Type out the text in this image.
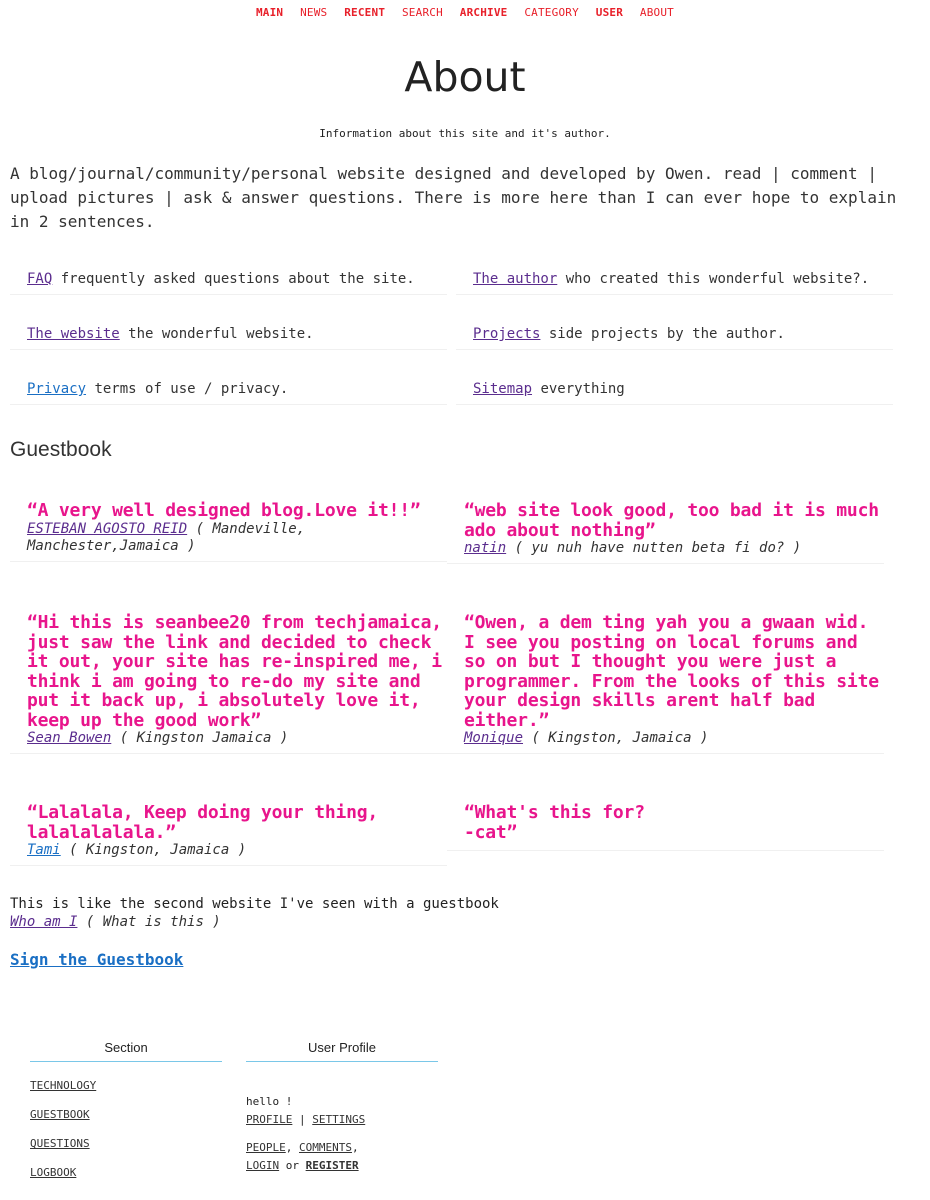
MAIN NEWS RECENT SEARCH ARCHIVE CATEGORY USER ABOUT
About
Information about this site and it's author.
A blog/journal/community/personal website designed and developed by Owen. read | comment | upload pictures | ask & answer questions. There is more here than I can ever hope to explain in 2 sentences.
FAQ frequently asked questions about the site.	The author who created this wonderful website?.
The website the wonderful website.	Projects side projects by the author.
Privacy terms of use / privacy.	Sitemap everything
Guestbook
“A very well designed blog.Love it!!”
ESTEBAN AGOSTO REID ( Mandeville, Manchester,Jamaica )
“web site look good, too bad it is much ado about nothing”
natin ( yu nuh have nutten beta fi do? )
“Hi this is seanbee20 from techjamaica, just saw the link and decided to check it out, your site has re-inspired me, i think i am going to re-do my site and put it back up, i absolutely love it, keep up the good work”
Sean Bowen ( Kingston Jamaica )
“Owen, a dem ting yah you a gwaan wid. I see you posting on local forums and so on but I thought you were just a programmer. From the looks of this site your design skills arent half bad either.”
Monique ( Kingston, Jamaica )
“Lalalala, Keep doing your thing, lalalalalala.”
Tami ( Kingston, Jamaica )
“What's this for?
-cat”
This is like the second website I've seen with a guestbook
Who am I ( What is this )
Sign the Guestbook
Section
TECHNOLOGY
GUESTBOOK
QUESTIONS
LOGBOOK
User Profile
hello !
PROFILE | SETTINGS
PEOPLE, COMMENTS,
LOGIN or REGISTER
